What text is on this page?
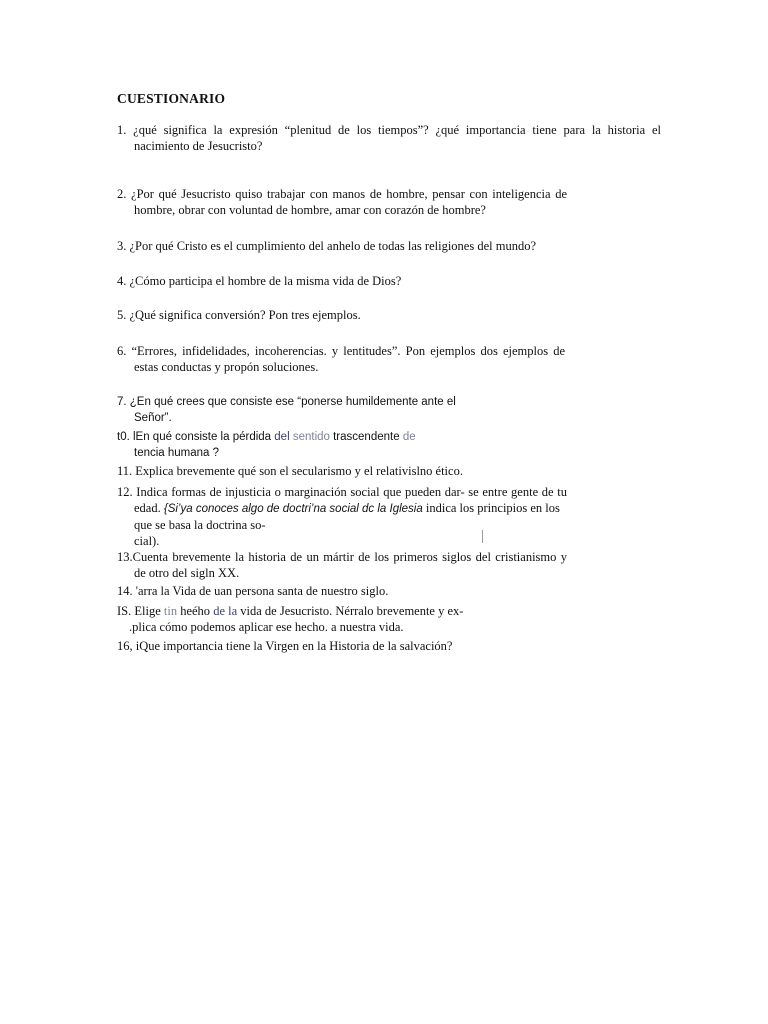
CUESTIONARIO
1. ¿qué significa la expresión “plenitud de los tiempos”? ¿qué importancia tiene para la historia el
nacimiento de Jesucristo?
2. ¿Por qué Jesucristo quiso trabajar con manos de hombre, pensar con inteligencia de
hombre, obrar con voluntad de hombre, amar con corazón de hombre?
3. ¿Por qué Cristo es el cumplimiento del anhelo de todas las religiones del mundo?
4. ¿Cómo participa el hombre de la misma vida de Dios?
5. ¿Qué significa conversión? Pon tres ejemplos.
6. “Errores, infidelidades, incoherencias. y lentitudes”. Pon ejemplos dos ejemplos de
estas conductas y propón soluciones.
7. ¿En qué crees que consiste ese “ponerse humildemente ante el
Señor”.
t0. lEn qué consiste la pérdida del sentido trascendente de
tencia humana ?
11. Explica brevemente qué son el secularismo y el relativislno ético.
12. Indica formas de injusticia o marginación social que pueden dar- se entre gente de tu
edad. {Si’ya conoces algo de doctri’na social dc la Iglesia indica los principios en los
que se basa la doctrina so-
cial).
13.Cuenta brevemente la historia de un mártir de los primeros siglos del cristianismo y
de otro del sigln XX.
14. 'arra la Vida de uan persona santa de nuestro siglo.
IS. Elige tin heého de la vida de Jesucristo. Nérralo brevemente y ex-
.plica cómo podemos aplicar ese hecho. a nuestra vida.
16, iQue importancia tiene la Virgen en la Historia de la salvación?
